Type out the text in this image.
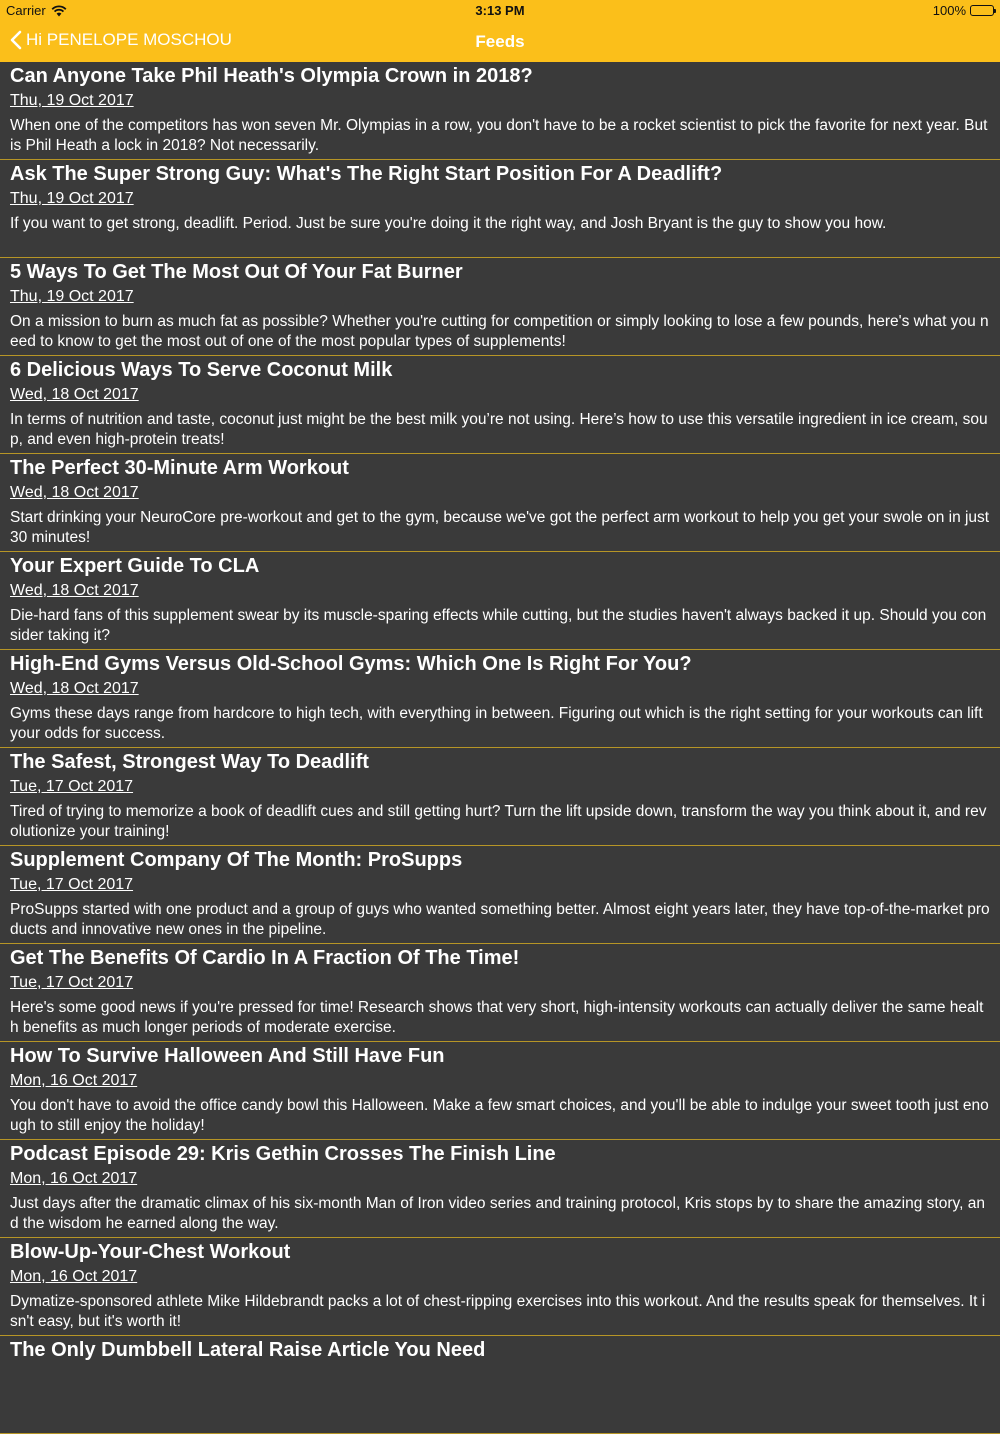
Carrier	3:13 PM	100%
Hi PENELOPE MOSCHOU	Feeds
Can Anyone Take Phil Heath's Olympia Crown in 2018?
Thu, 19 Oct 2017
When one of the competitors has won seven Mr. Olympias in a row, you don't have to be a rocket scientist to pick the favorite for next year. But is Phil Heath a lock in 2018? Not necessarily.
Ask The Super Strong Guy: What's The Right Start Position For A Deadlift?
Thu, 19 Oct 2017
If you want to get strong, deadlift. Period. Just be sure you're doing it the right way, and Josh Bryant is the guy to show you how.
5 Ways To Get The Most Out Of Your Fat Burner
Thu, 19 Oct 2017
On a mission to burn as much fat as possible? Whether you're cutting for competition or simply looking to lose a few pounds, here's what you need to know to get the most out of one of the most popular types of supplements!
6 Delicious Ways To Serve Coconut Milk
Wed, 18 Oct 2017
In terms of nutrition and taste, coconut just might be the best milk you’re not using. Here’s how to use this versatile ingredient in ice cream, soup, and even high-protein treats!
The Perfect 30-Minute Arm Workout
Wed, 18 Oct 2017
Start drinking your NeuroCore pre-workout and get to the gym, because we've got the perfect arm workout to help you get your swole on in just 30 minutes!
Your Expert Guide To CLA
Wed, 18 Oct 2017
Die-hard fans of this supplement swear by its muscle-sparing effects while cutting, but the studies haven't always backed it up. Should you consider taking it?
High-End Gyms Versus Old-School Gyms: Which One Is Right For You?
Wed, 18 Oct 2017
Gyms these days range from hardcore to high tech, with everything in between. Figuring out which is the right setting for your workouts can lift your odds for success.
The Safest, Strongest Way To Deadlift
Tue, 17 Oct 2017
Tired of trying to memorize a book of deadlift cues and still getting hurt? Turn the lift upside down, transform the way you think about it, and revolutionize your training!
Supplement Company Of The Month: ProSupps
Tue, 17 Oct 2017
ProSupps started with one product and a group of guys who wanted something better. Almost eight years later, they have top-of-the-market products and innovative new ones in the pipeline.
Get The Benefits Of Cardio In A Fraction Of The Time!
Tue, 17 Oct 2017
Here's some good news if you're pressed for time! Research shows that very short, high-intensity workouts can actually deliver the same health benefits as much longer periods of moderate exercise.
How To Survive Halloween And Still Have Fun
Mon, 16 Oct 2017
You don't have to avoid the office candy bowl this Halloween. Make a few smart choices, and you'll be able to indulge your sweet tooth just enough to still enjoy the holiday!
Podcast Episode 29: Kris Gethin Crosses The Finish Line
Mon, 16 Oct 2017
Just days after the dramatic climax of his six-month Man of Iron video series and training protocol, Kris stops by to share the amazing story, and the wisdom he earned along the way.
Blow-Up-Your-Chest Workout
Mon, 16 Oct 2017
Dymatize-sponsored athlete Mike Hildebrandt packs a lot of chest-ripping exercises into this workout. And the results speak for themselves. It isn't easy, but it's worth it!
The Only Dumbbell Lateral Raise Article You Need
